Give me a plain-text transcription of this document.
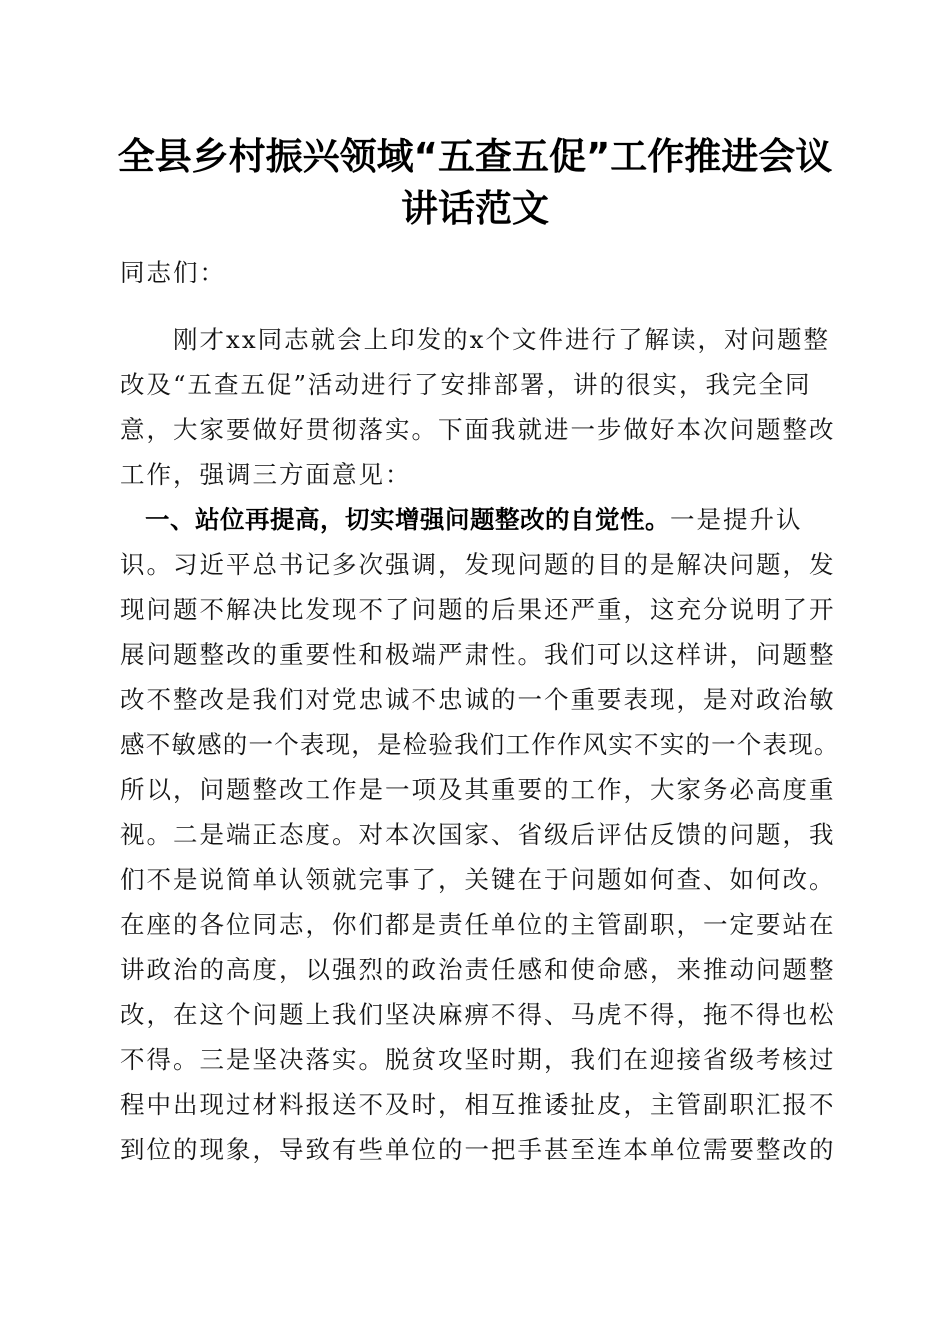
全县乡村振兴领域“五查五促”工作推进会议
讲话范文
同志们：
　　刚才xx同志就会上印发的x个文件进行了解读，对问题整
改及“五查五促”活动进行了安排部署，讲的很实，我完全同
意，大家要做好贯彻落实。下面我就进一步做好本次问题整改
工作，强调三方面意见：
　一、站位再提高，切实增强问题整改的自觉性。一是提升认
识。习近平总书记多次强调，发现问题的目的是解决问题，发
现问题不解决比发现不了问题的后果还严重，这充分说明了开
展问题整改的重要性和极端严肃性。我们可以这样讲，问题整
改不整改是我们对党忠诚不忠诚的一个重要表现，是对政治敏
感不敏感的一个表现，是检验我们工作作风实不实的一个表现。
所以，问题整改工作是一项及其重要的工作，大家务必高度重
视。二是端正态度。对本次国家、省级后评估反馈的问题，我
们不是说简单认领就完事了，关键在于问题如何查、如何改。
在座的各位同志，你们都是责任单位的主管副职，一定要站在
讲政治的高度，以强烈的政治责任感和使命感，来推动问题整
改，在这个问题上我们坚决麻痹不得、马虎不得，拖不得也松
不得。三是坚决落实。脱贫攻坚时期，我们在迎接省级考核过
程中出现过材料报送不及时，相互推诿扯皮，主管副职汇报不
到位的现象，导致有些单位的一把手甚至连本单位需要整改的
